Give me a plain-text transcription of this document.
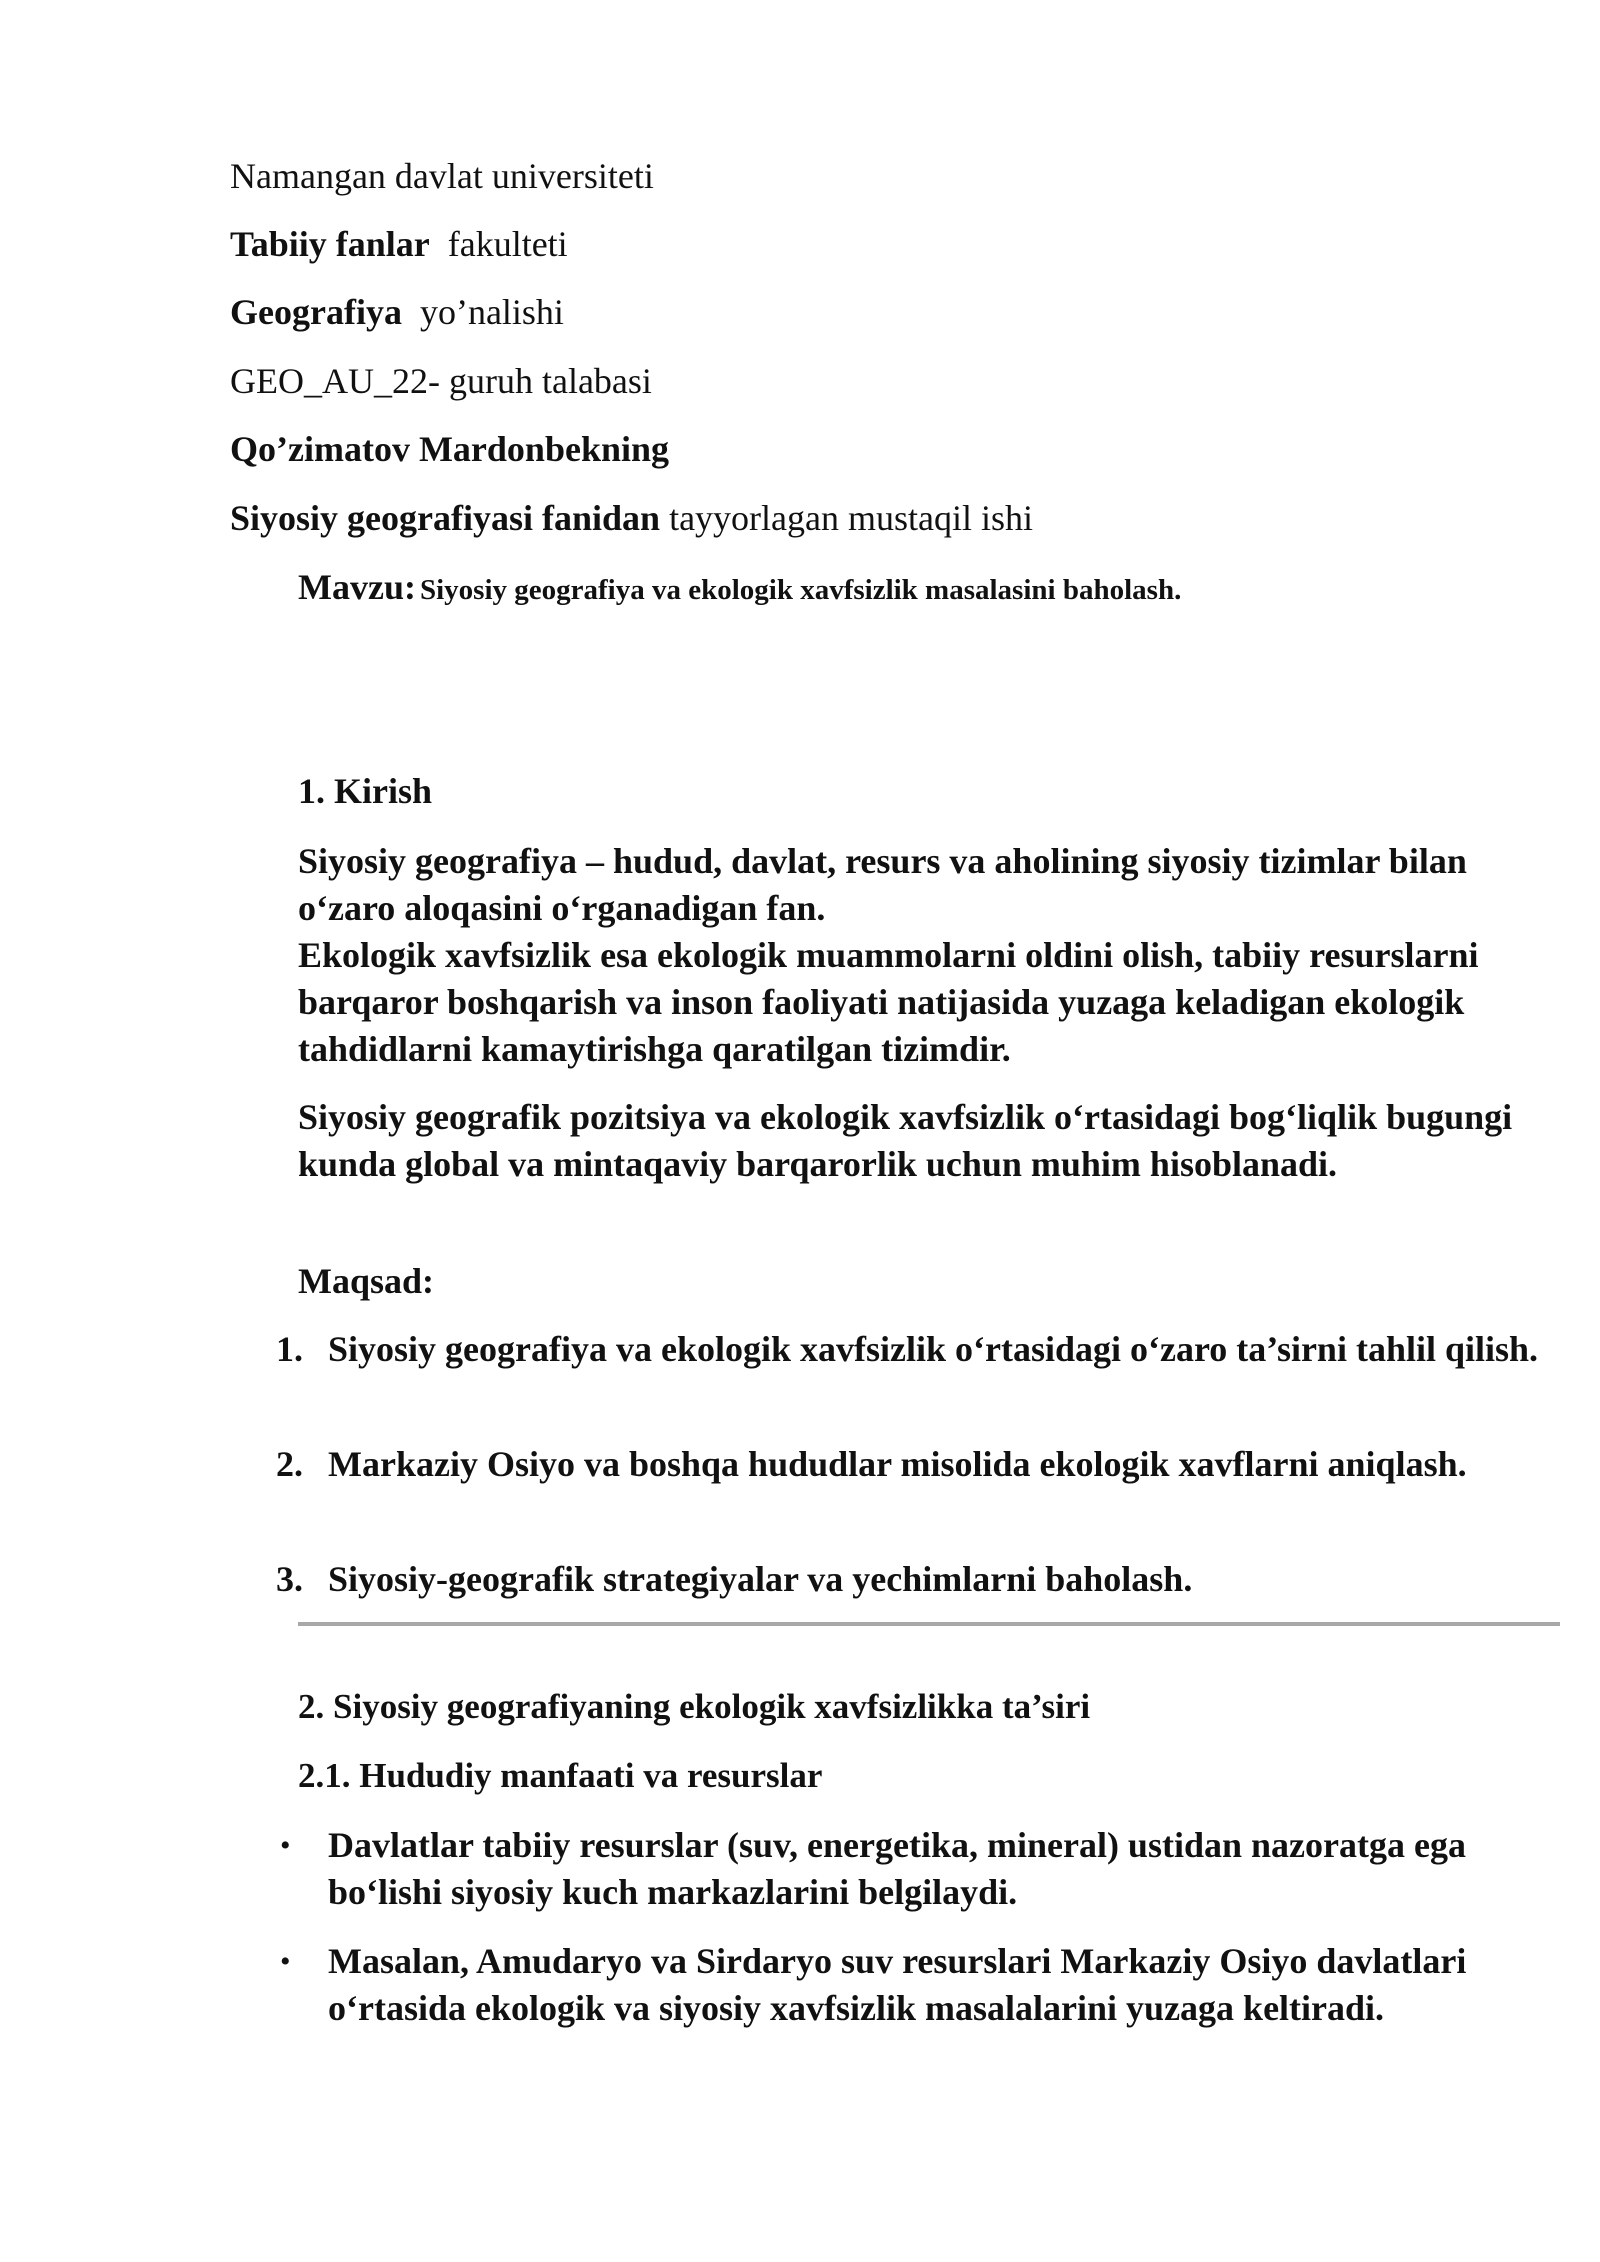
Namangan davlat universiteti
Tabiiy fanlar fakulteti
Geografiya yo’nalishi
GEO_AU_22- guruh talabasi
Qo’zimatov Mardonbekning
Siyosiy geografiyasi fanidan tayyorlagan mustaqil ishi
Mavzu: Siyosiy geografiya va ekologik xavfsizlik masalasini baholash.
1. Kirish
Siyosiy geografiya – hudud, davlat, resurs va aholining siyosiy tizimlar bilan o‘zaro aloqasini o‘rganadigan fan.
Ekologik xavfsizlik esa ekologik muammolarni oldini olish, tabiiy resurslarni barqaror boshqarish va inson faoliyati natijasida yuzaga keladigan ekologik tahdidlarni kamaytirishga qaratilgan tizimdir.
Siyosiy geografik pozitsiya va ekologik xavfsizlik o‘rtasidagi bog‘liqlik bugungi kunda global va mintaqaviy barqarorlik uchun muhim hisoblanadi.
Maqsad:
1. Siyosiy geografiya va ekologik xavfsizlik o‘rtasidagi o‘zaro ta’sirni tahlil qilish.
2. Markaziy Osiyo va boshqa hududlar misolida ekologik xavflarni aniqlash.
3. Siyosiy-geografik strategiyalar va yechimlarni baholash.
2. Siyosiy geografiyaning ekologik xavfsizlikka ta’siri
2.1. Hududiy manfaati va resurslar
• Davlatlar tabiiy resurslar (suv, energetika, mineral) ustidan nazoratga ega bo‘lishi siyosiy kuch markazlarini belgilaydi.
• Masalan, Amudaryo va Sirdaryo suv resurslari Markaziy Osiyo davlatlari o‘rtasida ekologik va siyosiy xavfsizlik masalalarini yuzaga keltiradi.
